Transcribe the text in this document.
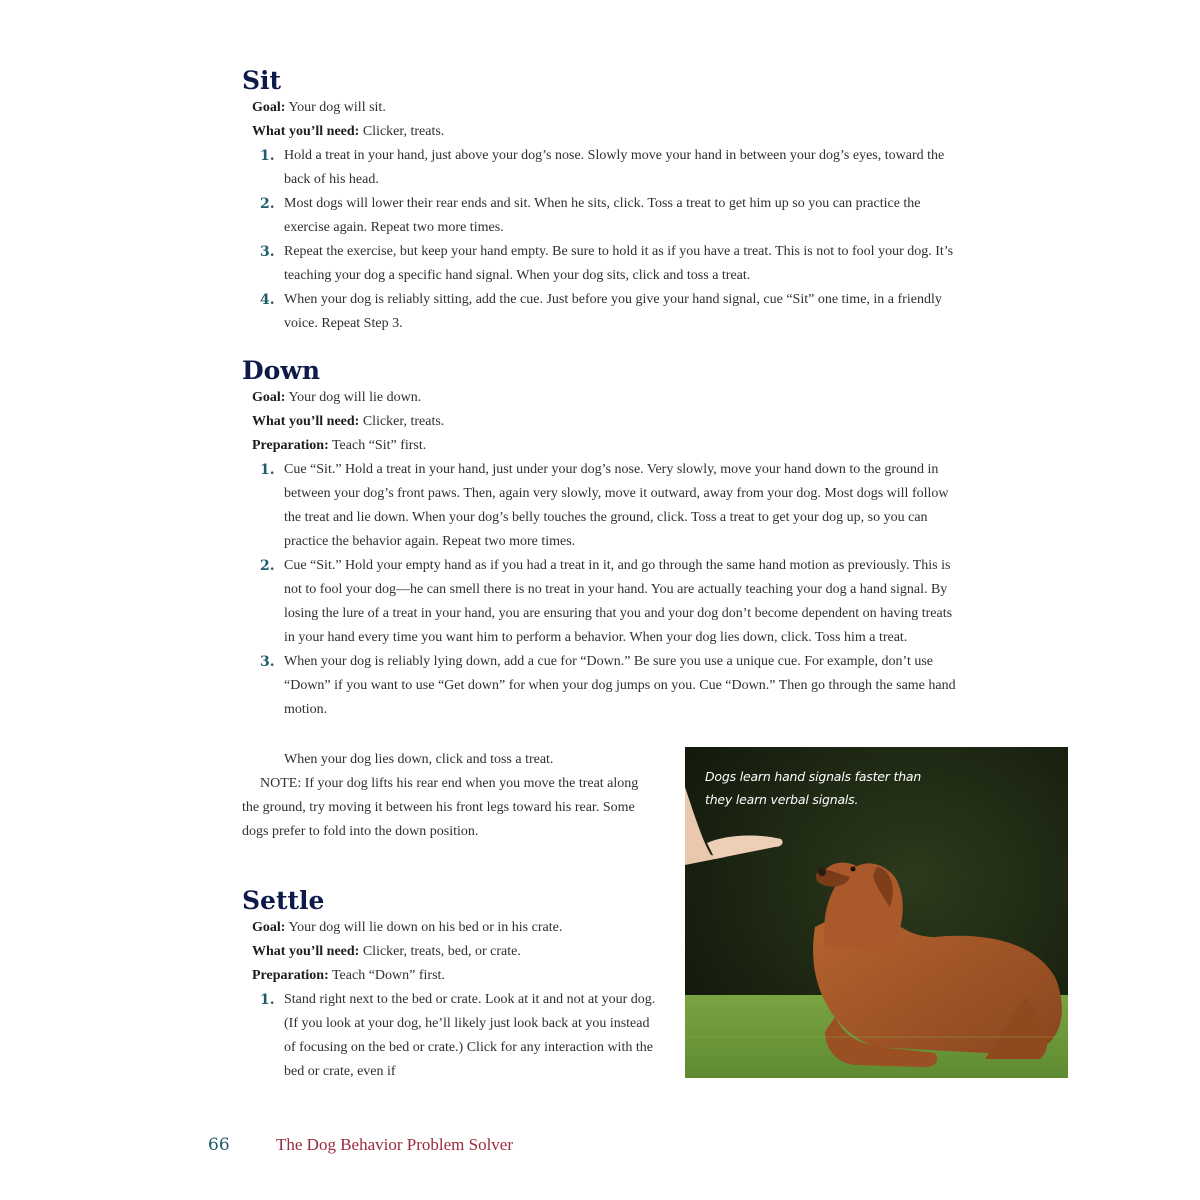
Sit
Goal: Your dog will sit.
What you’ll need: Clicker, treats.
1. Hold a treat in your hand, just above your dog’s nose. Slowly move your hand in between your dog’s eyes, toward the back of his head.
2. Most dogs will lower their rear ends and sit. When he sits, click. Toss a treat to get him up so you can practice the exercise again. Repeat two more times.
3. Repeat the exercise, but keep your hand empty. Be sure to hold it as if you have a treat. This is not to fool your dog. It’s teaching your dog a specific hand signal. When your dog sits, click and toss a treat.
4. When your dog is reliably sitting, add the cue. Just before you give your hand signal, cue “Sit” one time, in a friendly voice. Repeat Step 3.
Down
Goal: Your dog will lie down.
What you’ll need: Clicker, treats.
Preparation: Teach “Sit” first.
1. Cue “Sit.” Hold a treat in your hand, just under your dog’s nose. Very slowly, move your hand down to the ground in between your dog’s front paws. Then, again very slowly, move it outward, away from your dog. Most dogs will follow the treat and lie down. When your dog’s belly touches the ground, click. Toss a treat to get your dog up, so you can practice the behavior again. Repeat two more times.
2. Cue “Sit.” Hold your empty hand as if you had a treat in it, and go through the same hand motion as previously. This is not to fool your dog—he can smell there is no treat in your hand. You are actually teaching your dog a hand signal. By losing the lure of a treat in your hand, you are ensuring that you and your dog don’t become dependent on having treats in your hand every time you want him to perform a behavior. When your dog lies down, click. Toss him a treat.
3. When your dog is reliably lying down, add a cue for “Down.” Be sure you use a unique cue. For example, don’t use “Down” if you want to use “Get down” for when your dog jumps on you. Cue “Down.” Then go through the same hand motion.
When your dog lies down, click and toss a treat.
NOTE: If your dog lifts his rear end when you move the treat along the ground, try moving it between his front legs toward his rear. Some dogs prefer to fold into the down position.
Settle
Goal: Your dog will lie down on his bed or in his crate.
What you’ll need: Clicker, treats, bed, or crate.
Preparation: Teach “Down” first.
1. Stand right next to the bed or crate. Look at it and not at your dog. (If you look at your dog, he’ll likely just look back at you instead of focusing on the bed or crate.) Click for any interaction with the bed or crate, even if
Dogs learn hand signals faster than they learn verbal signals.
66	The Dog Behavior Problem Solver
